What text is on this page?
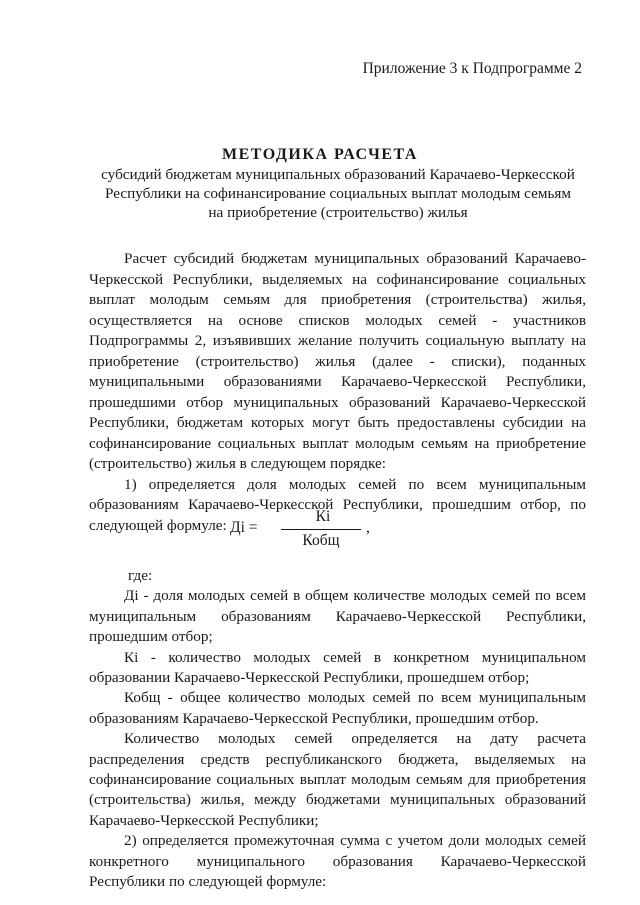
Приложение 3 к Подпрограмме 2
МЕТОДИКА РАСЧЕТА
субсидий бюджетам муниципальных образований Карачаево-Черкесской Республики на софинансирование социальных выплат молодым семьям на приобретение (строительство) жилья

Расчет субсидий бюджетам муниципальных образований Карачаево-Черкесской Республики, выделяемых на софинансирование социальных выплат молодым семьям для приобретения (строительства) жилья, осуществляется на основе списков молодых семей - участников Подпрограммы 2, изъявивших желание получить социальную выплату на приобретение (строительство) жилья (далее - списки), поданных муниципальными образованиями Карачаево-Черкесской Республики, прошедшими отбор муниципальных образований Карачаево-Черкесской Республики, бюджетам которых могут быть предоставлены субсидии на софинансирование социальных выплат молодым семьям на приобретение (строительство) жилья в следующем порядке:

1) определяется доля молодых семей по всем муниципальным образованиям Карачаево-Черкесской Республики, прошедшим отбор, по следующей формуле: Дi =
Кi
Кобщ
,

где:

Дi - доля молодых семей в общем количестве молодых семей по всем муниципальным образованиям Карачаево-Черкесской Республики, прошедшим отбор;

Кi - количество молодых семей в конкретном муниципальном образовании Карачаево-Черкесской Республики, прошедшем отбор;

Кобщ - общее количество молодых семей по всем муниципальным образованиям Карачаево-Черкесской Республики, прошедшим отбор.

Количество молодых семей определяется на дату расчета распределения средств республиканского бюджета, выделяемых на софинансирование социальных выплат молодым семьям для приобретения (строительства) жилья, между бюджетами муниципальных образований Карачаево-Черкесской Республики;

2) определяется промежуточная сумма с учетом доли молодых семей конкретного муниципального образования Карачаево-Черкесской Республики по следующей формуле:
